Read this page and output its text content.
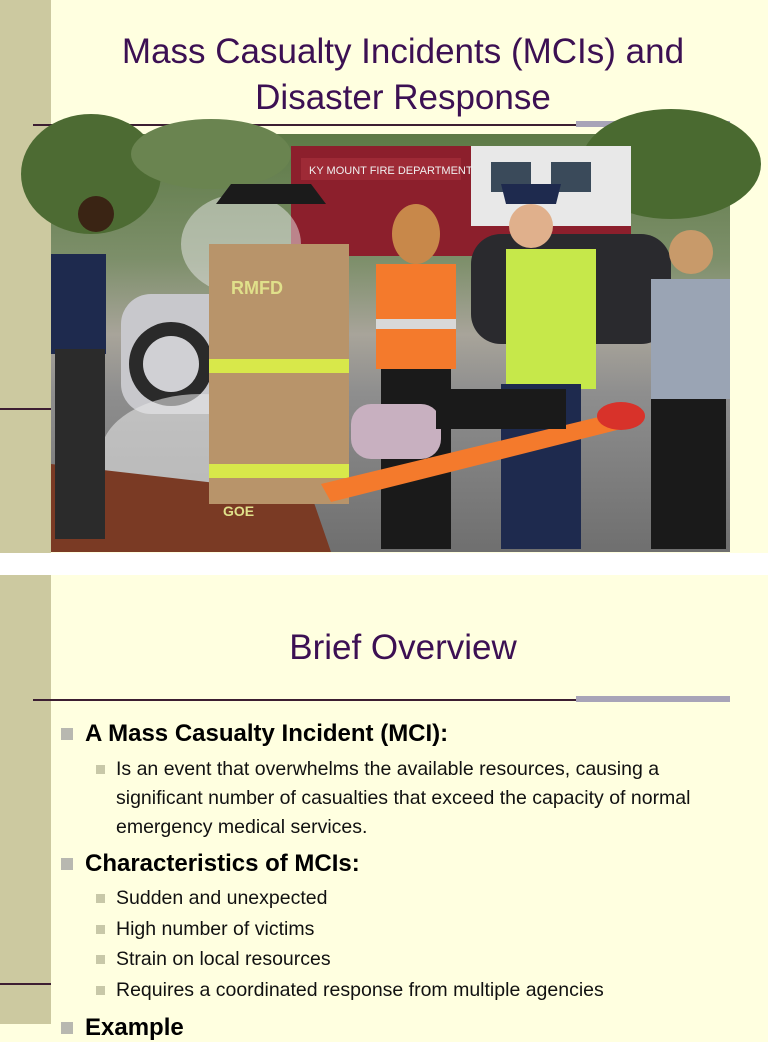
Mass Casualty Incidents (MCIs) and
Disaster Response
KY MOUNT FIRE DEPARTMENT
RMFD
GOE
Brief Overview
A Mass Casualty Incident (MCI):
Is an event that overwhelms the available resources, causing a significant number of casualties that exceed the capacity of normal emergency medical services.
Characteristics of MCIs:
Sudden and unexpected
High number of victims
Strain on local resources
Requires a coordinated response from multiple agencies
Example
